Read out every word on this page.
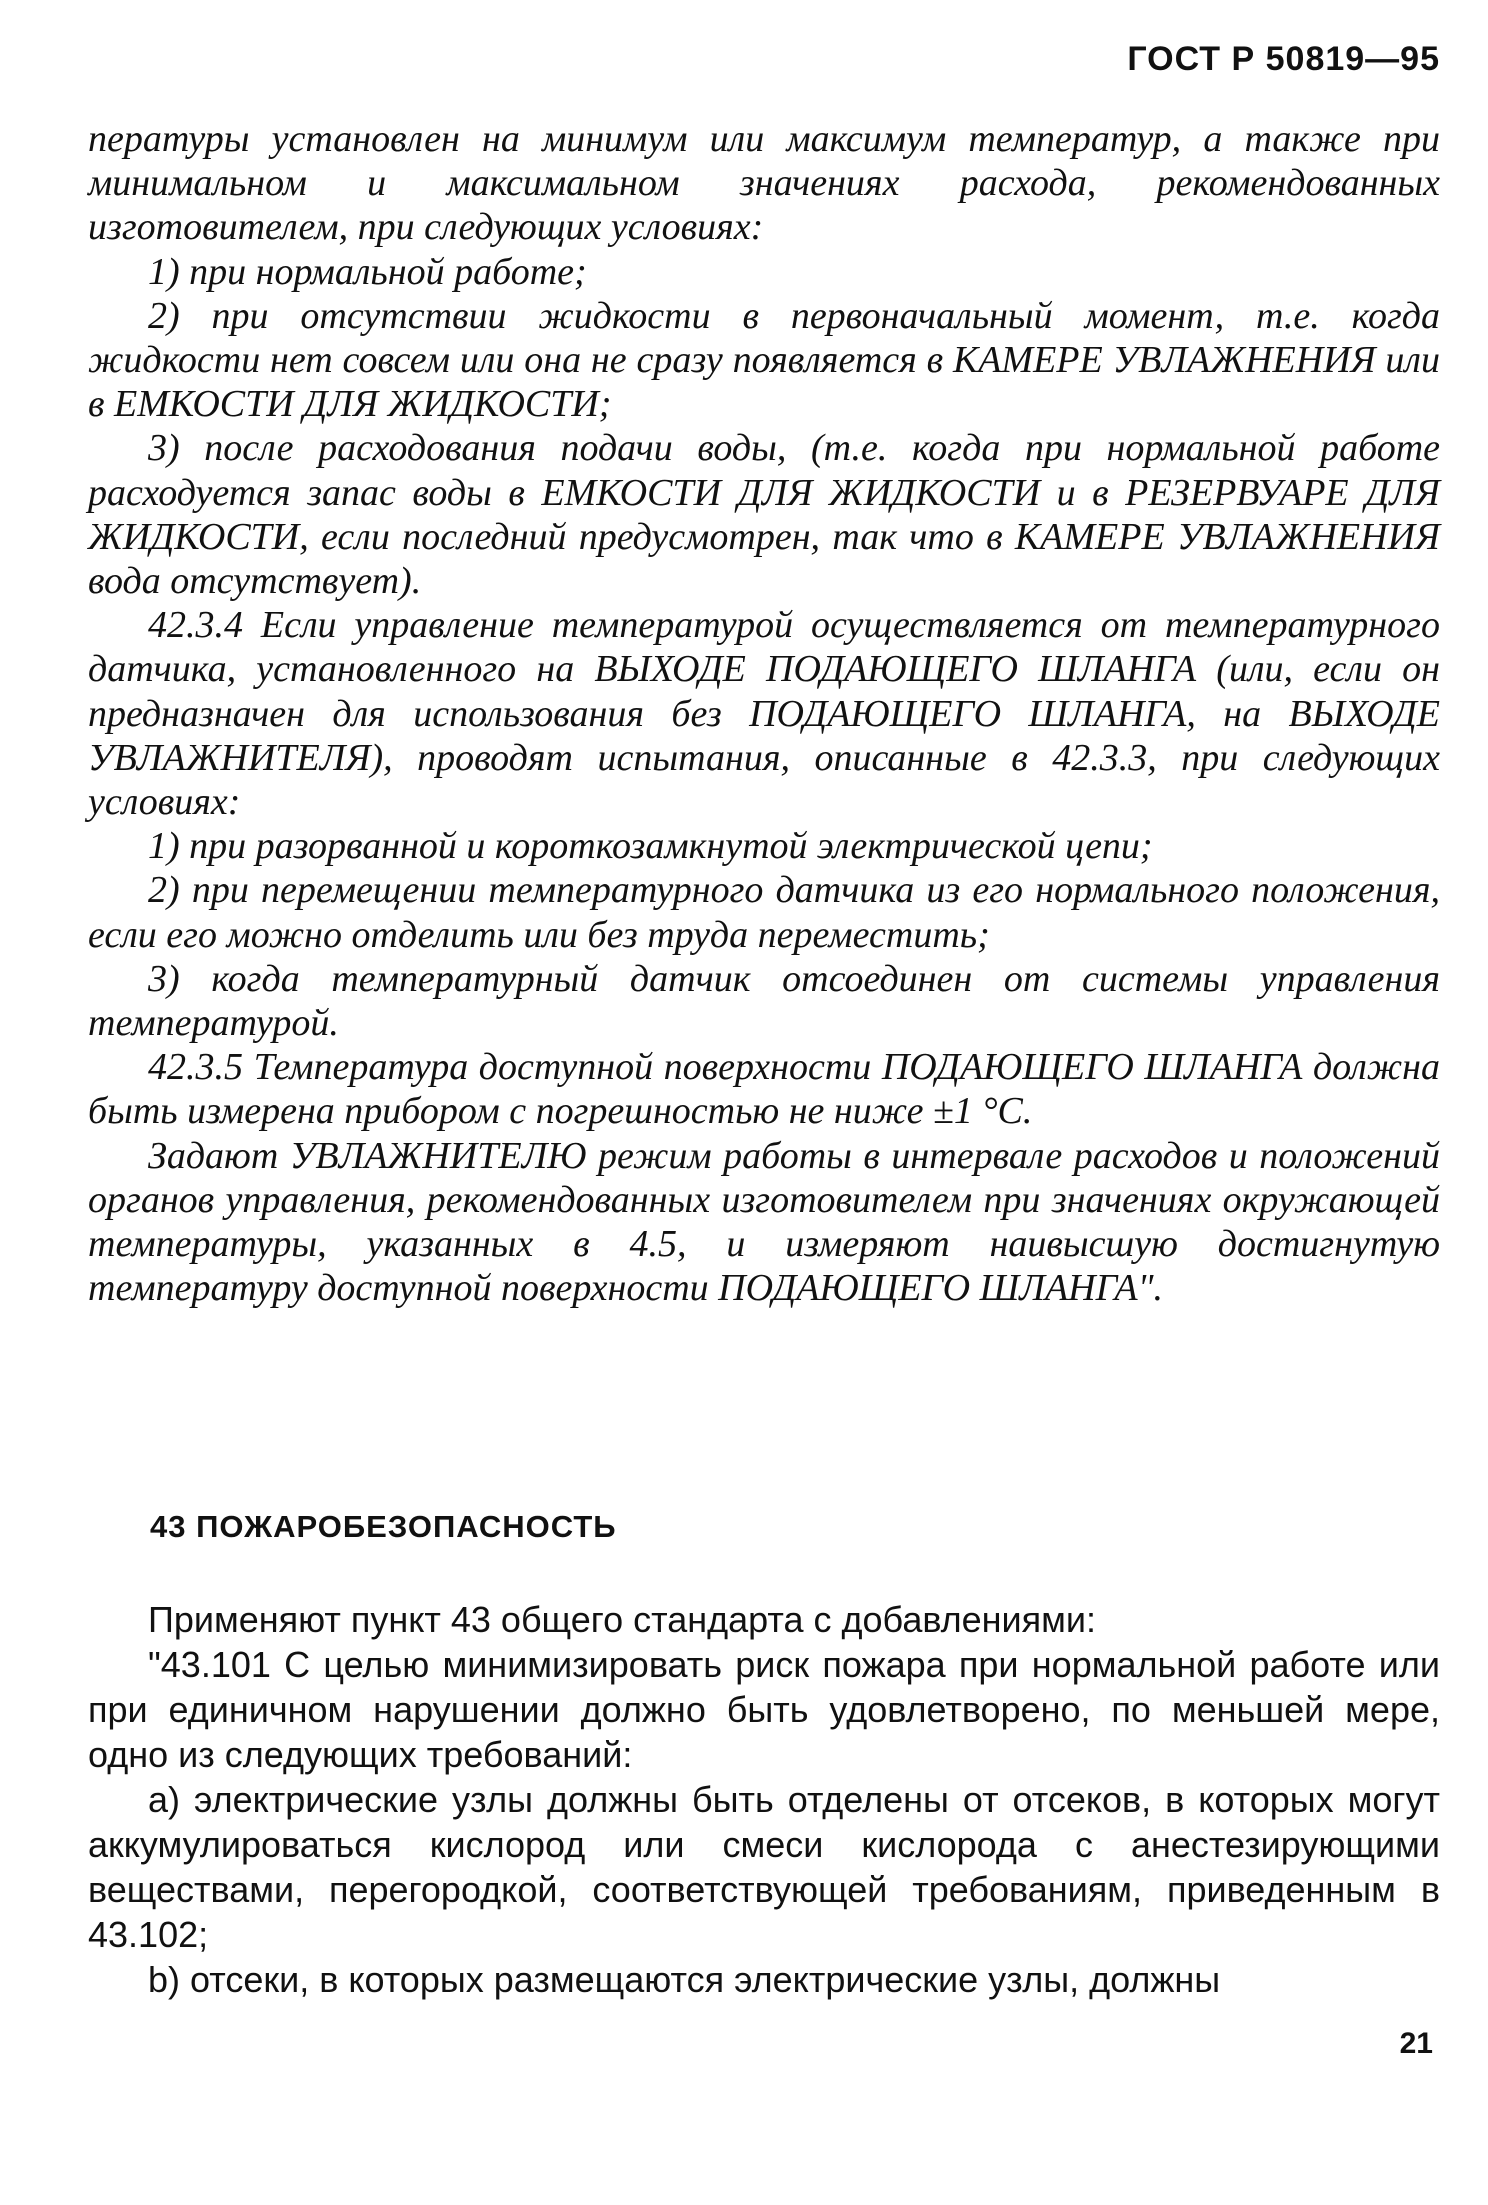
ГОСТ Р 50819—95

пературы установлен на минимум или максимум температур, а также при минимальном и максимальном значениях расхода, рекомендованных изготовителем, при следующих условиях:

1) при нормальной работе;

2) при отсутствии жидкости в первоначальный момент, т.е. когда жидкости нет совсем или она не сразу появляется в КАМЕРЕ УВЛАЖНЕНИЯ или в ЕМКОСТИ ДЛЯ ЖИДКОСТИ;

3) после расходования подачи воды, (т.е. когда при нормальной работе расходуется запас воды в ЕМКОСТИ ДЛЯ ЖИДКОСТИ и в РЕЗЕРВУАРЕ ДЛЯ ЖИДКОСТИ, если последний предусмотрен, так что в КАМЕРЕ УВЛАЖНЕНИЯ вода отсутствует).

42.3.4 Если управление температурой осуществляется от температурного датчика, установленного на ВЫХОДЕ ПОДАЮЩЕГО ШЛАНГА (или, если он предназначен для использования без ПОДАЮЩЕГО ШЛАНГА, на ВЫХОДЕ УВЛАЖНИТЕЛЯ), проводят испытания, описанные в 42.3.3, при следующих условиях:

1) при разорванной и короткозамкнутой электрической цепи;

2) при перемещении температурного датчика из его нормального положения, если его можно отделить или без труда переместить;

3) когда температурный датчик отсоединен от системы управления температурой.

42.3.5 Температура доступной поверхности ПОДАЮЩЕГО ШЛАНГА должна быть измерена прибором с погрешностью не ниже ±1 °С.

Задают УВЛАЖНИТЕЛЮ режим работы в интервале расходов и положений органов управления, рекомендованных изготовителем при значениях окружающей температуры, указанных в 4.5, и измеряют наивысшую достигнутую температуру доступной поверхности ПОДАЮЩЕГО ШЛАНГА".

43 ПОЖАРОБЕЗОПАСНОСТЬ

Применяют пункт 43 общего стандарта с добавлениями:

"43.101 С целью минимизировать риск пожара при нормальной работе или при единичном нарушении должно быть удовлетворено, по меньшей мере, одно из следующих требований:

а) электрические узлы должны быть отделены от отсеков, в которых могут аккумулироваться кислород или смеси кислорода с анестезирующими веществами, перегородкой, соответствующей требованиям, приведенным в 43.102;

b) отсеки, в которых размещаются электрические узлы, должны

21
